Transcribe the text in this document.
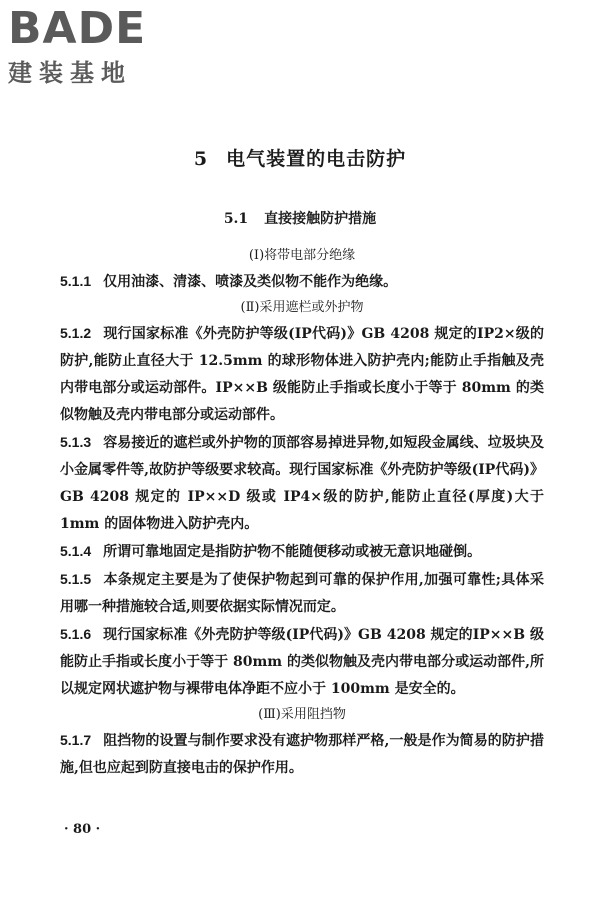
BADE
建装基地
5 电气装置的电击防护
5.1 直接接触防护措施
(Ⅰ)将带电部分绝缘
5.1.1 仅用油漆、清漆、喷漆及类似物不能作为绝缘。
(Ⅱ)采用遮栏或外护物
5.1.2 现行国家标准《外壳防护等级(IP代码)》GB 4208 规定的IP2×级的防护,能防止直径大于 12.5mm 的球形物体进入防护壳内;能防止手指触及壳内带电部分或运动部件。IP××B 级能防止手指或长度小于等于 80mm 的类似物触及壳内带电部分或运动部件。
5.1.3 容易接近的遮栏或外护物的顶部容易掉进异物,如短段金属线、垃圾块及小金属零件等,故防护等级要求较高。现行国家标准《外壳防护等级(IP代码)》GB 4208 规定的 IP××D 级或 IP4×级的防护,能防止直径(厚度)大于 1mm 的固体物进入防护壳内。
5.1.4 所谓可靠地固定是指防护物不能随便移动或被无意识地碰倒。
5.1.5 本条规定主要是为了使保护物起到可靠的保护作用,加强可靠性;具体采用哪一种措施较合适,则要依据实际情况而定。
5.1.6 现行国家标准《外壳防护等级(IP代码)》GB 4208 规定的IP××B 级能防止手指或长度小于等于 80mm 的类似物触及壳内带电部分或运动部件,所以规定网状遮护物与裸带电体净距不应小于 100mm 是安全的。
(Ⅲ)采用阻挡物
5.1.7 阻挡物的设置与制作要求没有遮护物那样严格,一般是作为简易的防护措施,但也应起到防直接电击的保护作用。
· 80 ·
